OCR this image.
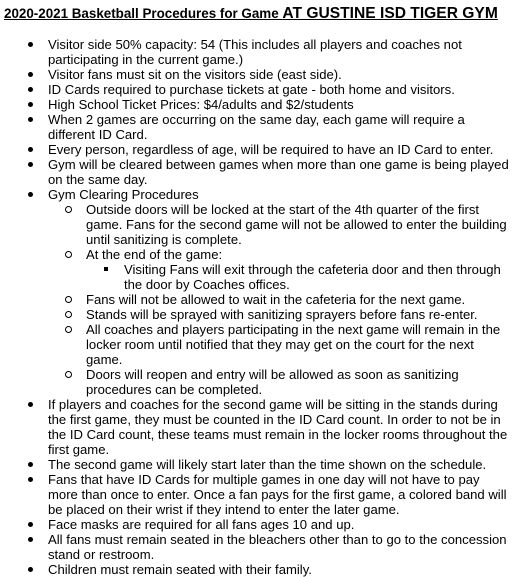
2020-2021 Basketball Procedures for Game AT GUSTINE ISD TIGER GYM
Visitor side 50% capacity: 54 (This includes all players and coaches not participating in the current game.)
Visitor fans must sit on the visitors side (east side).
ID Cards required to purchase tickets at gate - both home and visitors.
High School Ticket Prices: $4/adults and $2/students
When 2 games are occurring on the same day, each game will require a different ID Card.
Every person, regardless of age, will be required to have an ID Card to enter.
Gym will be cleared between games when more than one game is being played on the same day.
Gym Clearing Procedures
Outside doors will be locked at the start of the 4th quarter of the first game. Fans for the second game will not be allowed to enter the building until sanitizing is complete.
At the end of the game:
Visiting Fans will exit through the cafeteria door and then through the door by Coaches offices.
Fans will not be allowed to wait in the cafeteria for the next game.
Stands will be sprayed with sanitizing sprayers before fans re-enter.
All coaches and players participating in the next game will remain in the locker room until notified that they may get on the court for the next game.
Doors will reopen and entry will be allowed as soon as sanitizing procedures can be completed.
If players and coaches for the second game will be sitting in the stands during the first game, they must be counted in the ID Card count. In order to not be in the ID Card count, these teams must remain in the locker rooms throughout the first game.
The second game will likely start later than the time shown on the schedule.
Fans that have ID Cards for multiple games in one day will not have to pay more than once to enter. Once a fan pays for the first game, a colored band will be placed on their wrist if they intend to enter the later game.
Face masks are required for all fans ages 10 and up.
All fans must remain seated in the bleachers other than to go to the concession stand or restroom.
Children must remain seated with their family.
